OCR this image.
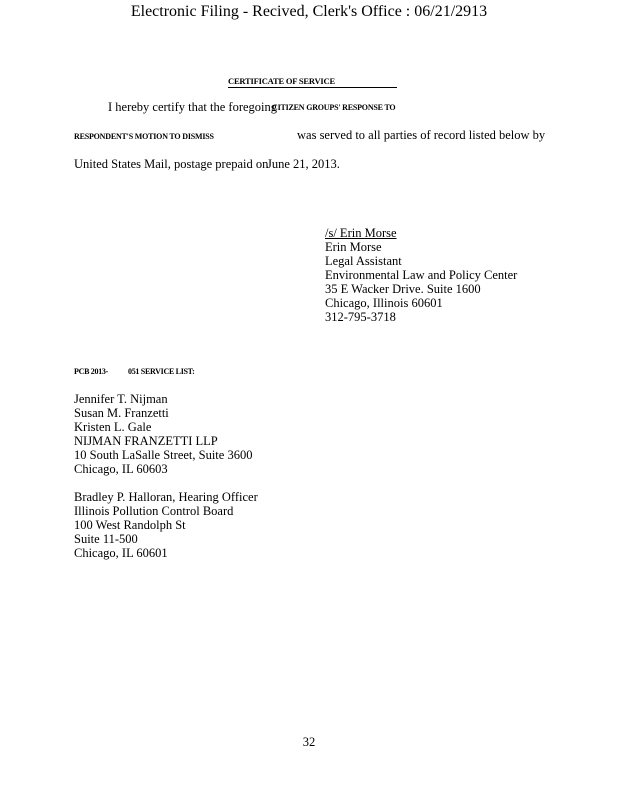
Electronic Filing - Recived, Clerk's Office : 06/21/2913
CERTIFICATE OF SERVICE
I hereby certify that the foregoing
CITIZEN GROUPS' RESPONSE TO
RESPONDENT'S MOTION TO DISMISS	was served to all parties of record listed below by
United States Mail, postage prepaid on
June 21, 2013.
/s/ Erin Morse
Erin Morse
Legal Assistant
Environmental Law and Policy Center
35 E Wacker Drive. Suite 1600
Chicago, Illinois 60601
312-795-3718
PCB 2013-	051 SERVICE LIST:
Jennifer T. Nijman
Susan M. Franzetti
Kristen L. Gale
NIJMAN FRANZETTI LLP
10 South LaSalle Street, Suite 3600
Chicago, IL 60603
Bradley P. Halloran, Hearing Officer
Illinois Pollution Control Board
100 West Randolph St
Suite 11-500
Chicago, IL 60601
32
